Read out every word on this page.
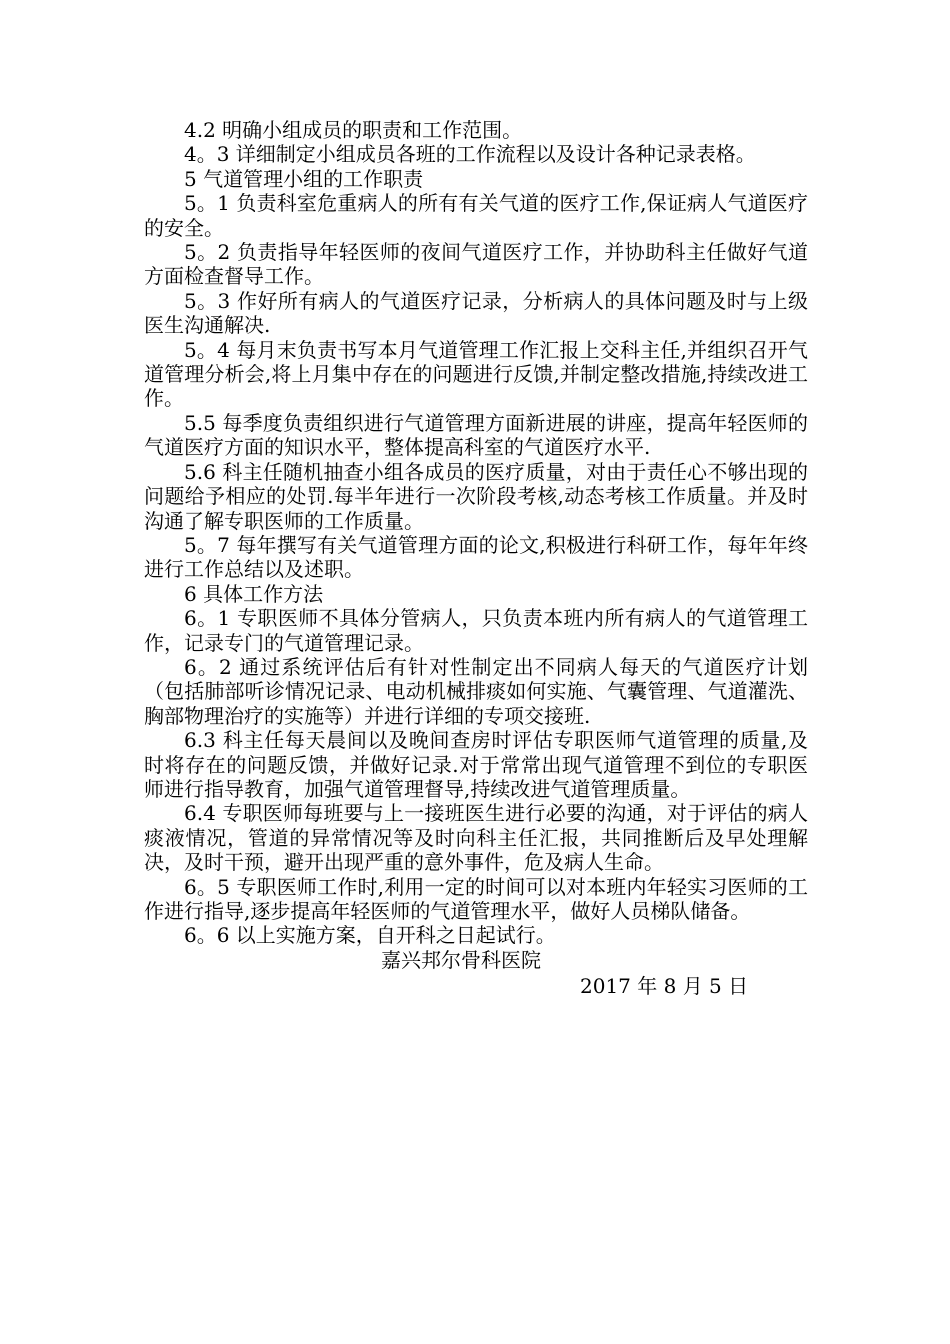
4.2 明确小组成员的职责和工作范围。

4。3 详细制定小组成员各班的工作流程以及设计各种记录表格。

5 气道管理小组的工作职责

5。1 负责科室危重病人的所有有关气道的医疗工作,保证病人气道医疗的安全。

5。2 负责指导年轻医师的夜间气道医疗工作，并协助科主任做好气道方面检查督导工作。

5。3 作好所有病人的气道医疗记录，分析病人的具体问题及时与上级医生沟通解决.

5。4 每月末负责书写本月气道管理工作汇报上交科主任,并组织召开气道管理分析会,将上月集中存在的问题进行反馈,并制定整改措施,持续改进工作。

5.5 每季度负责组织进行气道管理方面新进展的讲座，提高年轻医师的气道医疗方面的知识水平，整体提高科室的气道医疗水平.

5.6 科主任随机抽查小组各成员的医疗质量，对由于责任心不够出现的问题给予相应的处罚.每半年进行一次阶段考核,动态考核工作质量。并及时沟通了解专职医师的工作质量。

5。7 每年撰写有关气道管理方面的论文,积极进行科研工作，每年年终进行工作总结以及述职。

6 具体工作方法

6。1 专职医师不具体分管病人，只负责本班内所有病人的气道管理工作，记录专门的气道管理记录。

6。2 通过系统评估后有针对性制定出不同病人每天的气道医疗计划（包括肺部听诊情况记录、电动机械排痰如何实施、气囊管理、气道灌洗、胸部物理治疗的实施等）并进行详细的专项交接班.

6.3 科主任每天晨间以及晚间查房时评估专职医师气道管理的质量,及时将存在的问题反馈，并做好记录.对于常常出现气道管理不到位的专职医师进行指导教育，加强气道管理督导,持续改进气道管理质量。

6.4 专职医师每班要与上一接班医生进行必要的沟通，对于评估的病人痰液情况，管道的异常情况等及时向科主任汇报，共同推断后及早处理解决，及时干预，避开出现严重的意外事件，危及病人生命。

6。5 专职医师工作时,利用一定的时间可以对本班内年轻实习医师的工作进行指导,逐步提高年轻医师的气道管理水平，做好人员梯队储备。

6。6 以上实施方案，自开科之日起试行。

嘉兴邦尔骨科医院

2017 年 8 月 5 日
